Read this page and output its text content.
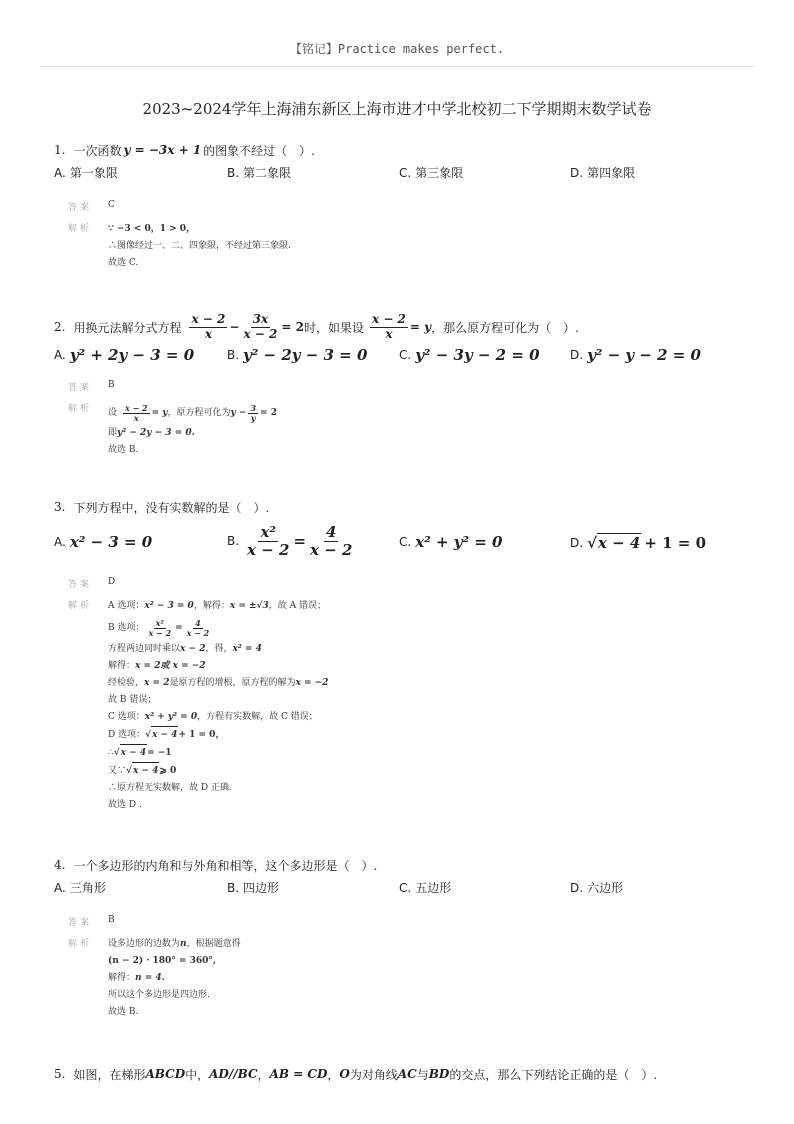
【铭记】Practice makes perfect.
2023~2024学年上海浦东新区上海市进才中学北校初二下学期期末数学试卷
1. 一次函数 y = −3x + 1 的图象不经过（　）.
A. 第一象限	B. 第二象限	C. 第三象限	D. 第四象限
答案	C
解析	∵ −3 < 0，1 > 0，
∴图像经过一、二、四象限，不经过第三象限.
故选 C.
2. 用换元法解分式方程 $\frac{x - 2}{x} - \frac{3x}{x - 2} = 2$ 时，如果设 $\frac{x - 2}{x} = y$ ，那么原方程可化为（　）.
A. y² + 2y − 3 = 0	B. y² − 2y − 3 = 0	C. y² − 3y − 2 = 0	D. y² − y − 2 = 0
答案	B
解析	设 $\frac{x - 2}{x} = y$ ，原方程可化为 $y - \frac{3}{y} = 2$
即y² − 2y − 3 = 0.
故选 B.
3. 下列方程中，没有实数解的是（　）.
A. x² − 3 = 0	B. $\frac{\text{x²}}{x - 2} = \frac{4}{x - 2}$	C. x² + y² = 0	D. √ x − 4 + 1 = 0
答案	D
解析	A 选项：x² − 3 = 0，解得：x = ±√3，故 A 错误；
B 选项： $\frac{\text{x²}}{x - 2} = \frac{4}{x - 2}$
方程两边同时乘以x − 2，得，x² = 4
解得：x = 2或 x = −2
经检验，x = 2是原方程的增根，原方程的解为x = −2
故 B 错误；
C 选项：x² + y² = 0，方程有实数解，故 C 错误；
D 选项：√ x − 4 + 1 = 0，
∴√ x − 4 = −1
又∵√ x − 4 ⩾ 0
∴原方程无实数解，故 D 正确.
故选 D .
4. 一个多边形的内角和与外角和相等，这个多边形是（　）.
A. 三角形	B. 四边形	C. 五边形	D. 六边形
答案	B
解析	设多边形的边数为n，根据题意得
(n − 2) · 180° = 360°,
解得：n = 4.
所以这个多边形是四边形.
故选 B.
5. 如图，在梯形 ABCD 中， AD//BC ， AB = CD ， O 为对角线 AC 与 BD 的交点，那么下列结论正确的是（　）.
